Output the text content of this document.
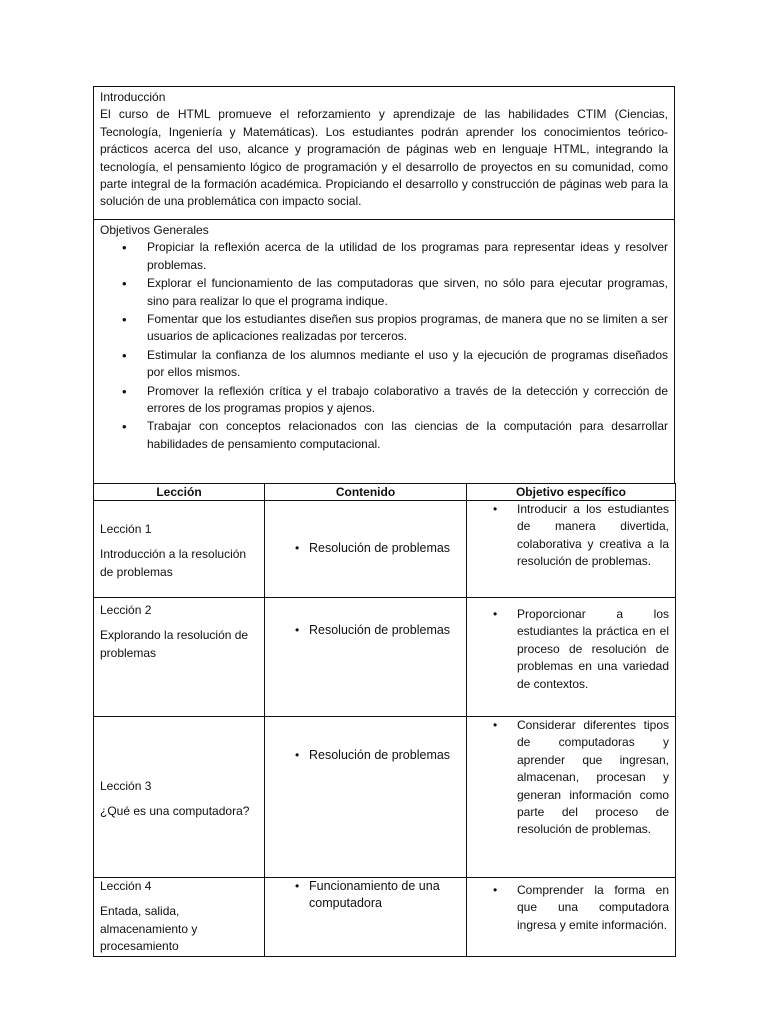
Introducción

El curso de HTML promueve el reforzamiento y aprendizaje de las habilidades CTIM (Ciencias, Tecnología, Ingeniería y Matemáticas). Los estudiantes podrán aprender los conocimientos teórico-prácticos acerca del uso, alcance y programación de páginas web en lenguaje HTML, integrando la tecnología, el pensamiento lógico de programación y el desarrollo de proyectos en su comunidad, como parte integral de la formación académica. Propiciando el desarrollo y construcción de páginas web para la solución de una problemática con impacto social.

Objetivos Generales

• Propiciar la reflexión acerca de la utilidad de los programas para representar ideas y resolver problemas.
• Explorar el funcionamiento de las computadoras que sirven, no sólo para ejecutar programas, sino para realizar lo que el programa indique.
• Fomentar que los estudiantes diseñen sus propios programas, de manera que no se limiten a ser usuarios de aplicaciones realizadas por terceros.
• Estimular la confianza de los alumnos mediante el uso y la ejecución de programas diseñados por ellos mismos.
• Promover la reflexión crítica y el trabajo colaborativo a través de la detección y corrección de errores de los programas propios y ajenos.
• Trabajar con conceptos relacionados con las ciencias de la computación para desarrollar habilidades de pensamiento computacional.
Lección	Contenido	Objetivo específico

Lección 1
Introducción a la resolución de problemas	• Resolución de problemas	• Introducir a los estudiantes de manera divertida, colaborativa y creativa a la resolución de problemas.

Lección 2
Explorando la resolución de problemas	• Resolución de problemas	• Proporcionar a los estudiantes la práctica en el proceso de resolución de problemas en una variedad de contextos.

Lección 3
¿Qué es una computadora?	• Resolución de problemas	• Considerar diferentes tipos de computadoras y aprender que ingresan, almacenan, procesan y generan información como parte del proceso de resolución de problemas.

Lección 4
Entada, salida, almacenamiento y procesamiento	• Funcionamiento de una computadora	• Comprender la forma en que una computadora ingresa y emite información.
